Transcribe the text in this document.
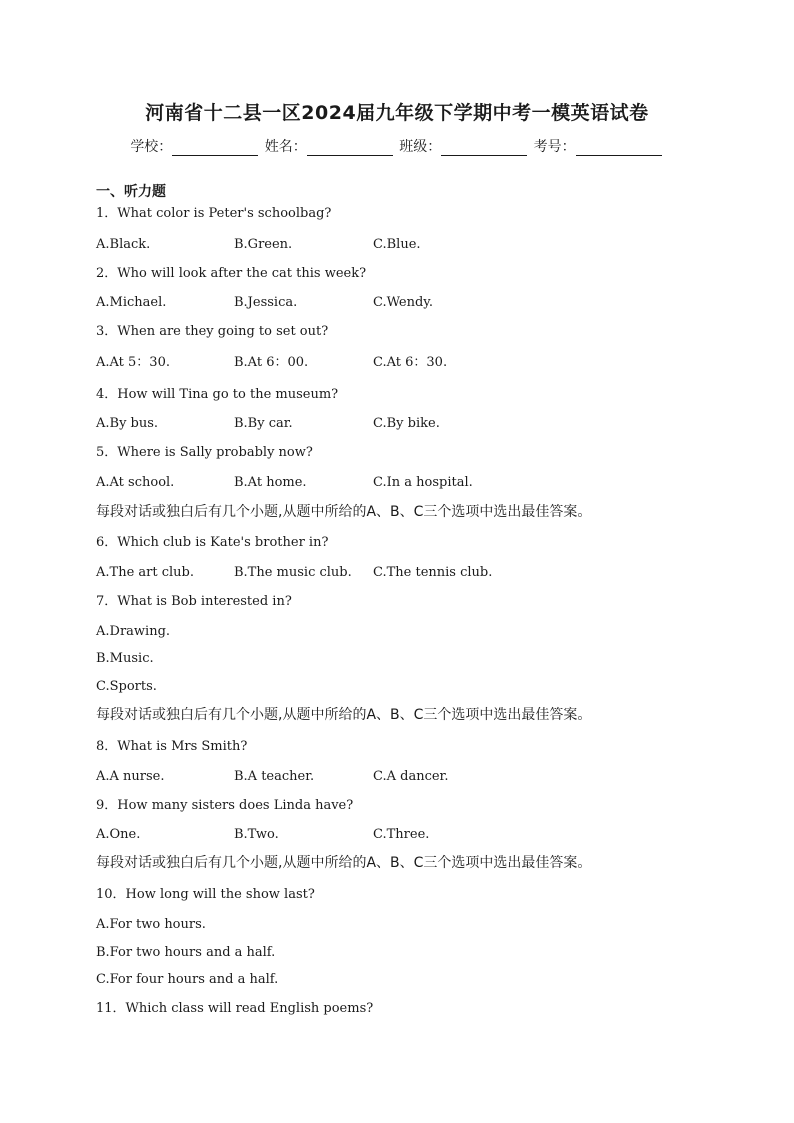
河南省十二县一区2024届九年级下学期中考一模英语试卷
学校：	姓名：	班级：	考号：
一、听力题
1．What color is Peter's schoolbag?
A.Black.	B.Green.	C.Blue.
2．Who will look after the cat this week?
A.Michael.	B.Jessica.	C.Wendy.
3．When are they going to set out?
A.At 5：30.	B.At 6：00.	C.At 6：30.
4．How will Tina go to the museum?
A.By bus.	B.By car.	C.By bike.
5．Where is Sally probably now?
A.At school.	B.At home.	C.In a hospital.
每段对话或独白后有几个小题,从题中所给的A、B、C三个选项中选出最佳答案。
6．Which club is Kate's brother in?
A.The art club.	B.The music club. C.The tennis club.
7．What is Bob interested in?
A.Drawing.
B.Music.
C.Sports.
每段对话或独白后有几个小题,从题中所给的A、B、C三个选项中选出最佳答案。
8．What is Mrs Smith?
A.A nurse.	B.A teacher.	C.A dancer.
9．How many sisters does Linda have?
A.One.	B.Two.	C.Three.
每段对话或独白后有几个小题,从题中所给的A、B、C三个选项中选出最佳答案。
10．How long will the show last?
A.For two hours.
B.For two hours and a half.
C.For four hours and a half.
11．Which class will read English poems?
